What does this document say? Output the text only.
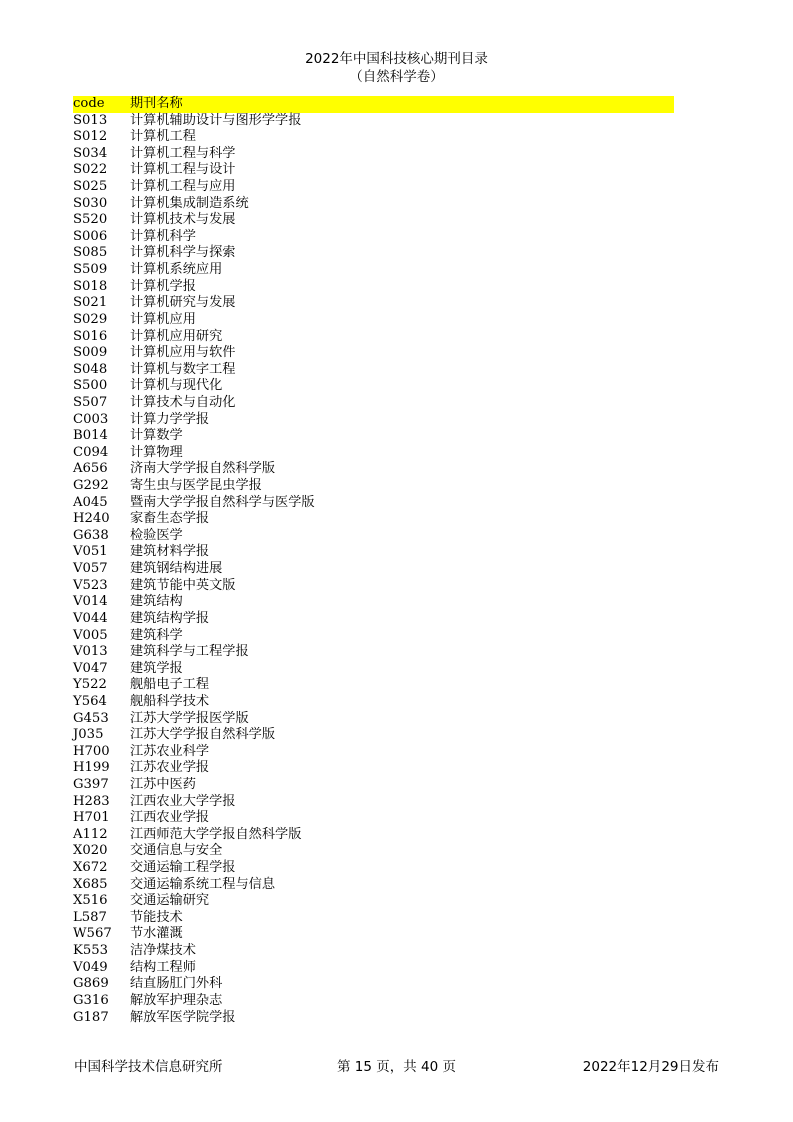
2022年中国科技核心期刊目录
（自然科学卷）
code	期刊名称
S013	计算机辅助设计与图形学学报
S012	计算机工程
S034	计算机工程与科学
S022	计算机工程与设计
S025	计算机工程与应用
S030	计算机集成制造系统
S520	计算机技术与发展
S006	计算机科学
S085	计算机科学与探索
S509	计算机系统应用
S018	计算机学报
S021	计算机研究与发展
S029	计算机应用
S016	计算机应用研究
S009	计算机应用与软件
S048	计算机与数字工程
S500	计算机与现代化
S507	计算技术与自动化
C003	计算力学学报
B014	计算数学
C094	计算物理
A656	济南大学学报自然科学版
G292	寄生虫与医学昆虫学报
A045	暨南大学学报自然科学与医学版
H240	家畜生态学报
G638	检验医学
V051	建筑材料学报
V057	建筑钢结构进展
V523	建筑节能中英文版
V014	建筑结构
V044	建筑结构学报
V005	建筑科学
V013	建筑科学与工程学报
V047	建筑学报
Y522	舰船电子工程
Y564	舰船科学技术
G453	江苏大学学报医学版
J035	江苏大学学报自然科学版
H700	江苏农业科学
H199	江苏农业学报
G397	江苏中医药
H283	江西农业大学学报
H701	江西农业学报
A112	江西师范大学学报自然科学版
X020	交通信息与安全
X672	交通运输工程学报
X685	交通运输系统工程与信息
X516	交通运输研究
L587	节能技术
W567	节水灌溉
K553	洁净煤技术
V049	结构工程师
G869	结直肠肛门外科
G316	解放军护理杂志
G187	解放军医学院学报
中国科学技术信息研究所	第 15 页，共 40 页	2022年12月29日发布
